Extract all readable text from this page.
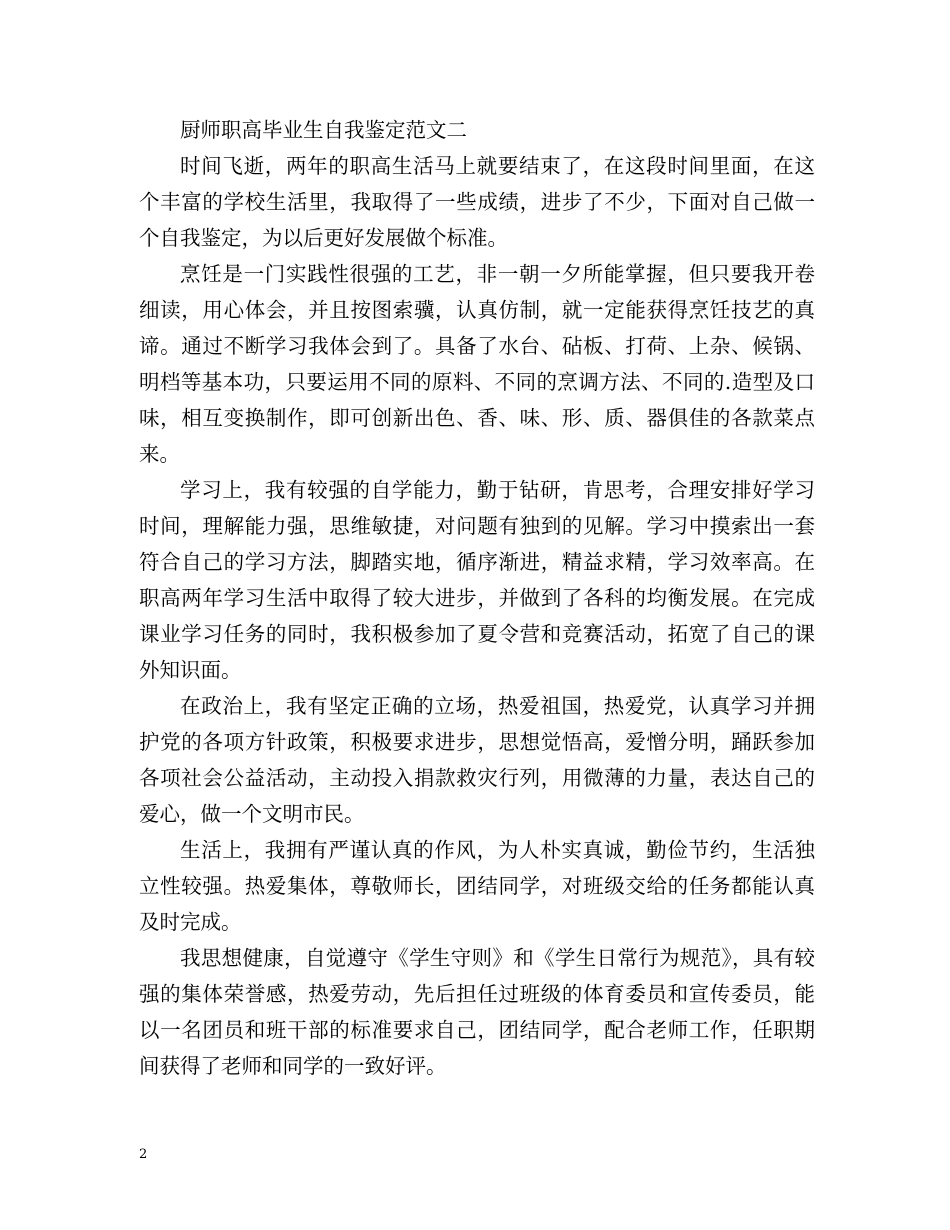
厨师职高毕业生自我鉴定范文二

时间飞逝，两年的职高生活马上就要结束了，在这段时间里面，在这个丰富的学校生活里，我取得了一些成绩，进步了不少，下面对自己做一个自我鉴定，为以后更好发展做个标准。

烹饪是一门实践性很强的工艺，非一朝一夕所能掌握，但只要我开卷细读，用心体会，并且按图索骥，认真仿制，就一定能获得烹饪技艺的真谛。通过不断学习我体会到了。具备了水台、砧板、打荷、上杂、候锅、明档等基本功，只要运用不同的原料、不同的烹调方法、不同的.造型及口味，相互变换制作，即可创新出色、香、味、形、质、器俱佳的各款菜点来。

学习上，我有较强的自学能力，勤于钻研，肯思考，合理安排好学习时间，理解能力强，思维敏捷，对问题有独到的见解。学习中摸索出一套符合自己的学习方法，脚踏实地，循序渐进，精益求精，学习效率高。在职高两年学习生活中取得了较大进步，并做到了各科的均衡发展。在完成课业学习任务的同时，我积极参加了夏令营和竞赛活动，拓宽了自己的课外知识面。

在政治上，我有坚定正确的立场，热爱祖国，热爱党，认真学习并拥护党的各项方针政策，积极要求进步，思想觉悟高，爱憎分明，踊跃参加各项社会公益活动，主动投入捐款救灾行列，用微薄的力量，表达自己的爱心，做一个文明市民。

生活上，我拥有严谨认真的作风，为人朴实真诚，勤俭节约，生活独立性较强。热爱集体，尊敬师长，团结同学，对班级交给的任务都能认真及时完成。

我思想健康，自觉遵守《学生守则》和《学生日常行为规范》，具有较强的集体荣誉感，热爱劳动，先后担任过班级的体育委员和宣传委员，能以一名团员和班干部的标准要求自己，团结同学，配合老师工作，任职期间获得了老师和同学的一致好评。

2
